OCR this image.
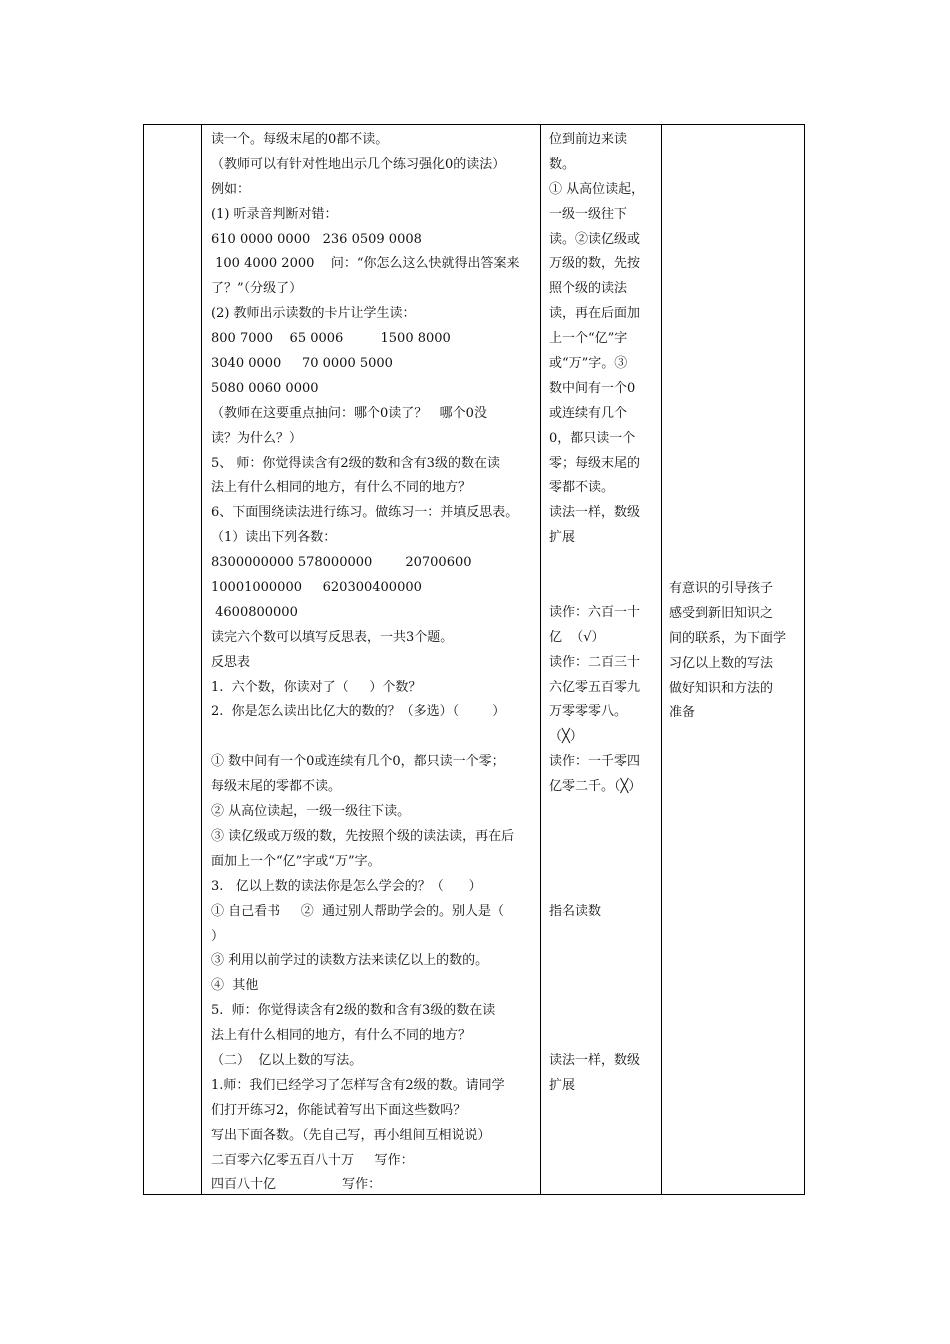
读一个。每级末尾的0都不读。
（教师可以有针对性地出示几个练习强化0的读法）
例如：
(1) 听录音判断对错：
610 0000 0000   236 0509 0008
100 4000 2000    问：“你怎么这么快就得出答案来
了？”（分级了）
(2) 教师出示读数的卡片让学生读：
800 7000    65 0006         1500 8000
3040 0000     70 0000 5000
5080 0060 0000
（教师在这要重点抽问：哪个0读了？   哪个0没
读？为什么？）
5、 师：你觉得读含有2级的数和含有3级的数在读
法上有什么相同的地方，有什么不同的地方？
6、下面围绕读法进行练习。做练习一：并填反思表。
（1）读出下列各数：
8300000000 578000000        20700600
10001000000     620300400000
4600800000
读完六个数可以填写反思表，一共3个题。
反思表
1.  六个数，你读对了（     ）个数？
2.  你是怎么读出比亿大的数的？（多选）（        ）
① 数中间有一个0或连续有几个0，都只读一个零；
每级末尾的零都不读。
② 从高位读起，一级一级往下读。
③ 读亿级或万级的数，先按照个级的读法读，再在后
面加上一个“亿”字或“万”字。
3.   亿以上数的读法你是怎么学会的？（      ）
① 自己看书     ②  通过别人帮助学会的。别人是（
）
③ 利用以前学过的读数方法来读亿以上的数的。
④  其他
5.  师：你觉得读含有2级的数和含有3级的数在读
法上有什么相同的地方，有什么不同的地方？
（二）  亿以上数的写法。
1.师：我们已经学习了怎样写含有2级的数。请同学
们打开练习2，你能试着写出下面这些数吗？
写出下面各数。（先自己写，再小组间互相说说）
二百零六亿零五百八十万     写作：
四百八十亿                写作：
位到前边来读
数。
① 从高位读起，
一级一级往下
读。②读亿级或
万级的数，先按
照个级的读法
读，再在后面加
上一个“亿”字
或“万”字。③
数中间有一个0
或连续有几个
0，都只读一个
零；每级末尾的
零都不读。
读法一样，数级
扩展
读作：六百一十
亿  （√）
读作：二百三十
六亿零五百零九
万零零零八。
（╳）
读作：一千零四
亿零二千。（╳）
指名读数
读法一样，数级
扩展
有意识的引导孩子
感受到新旧知识之
间的联系，为下面学
习亿以上数的写法
做好知识和方法的
准备
